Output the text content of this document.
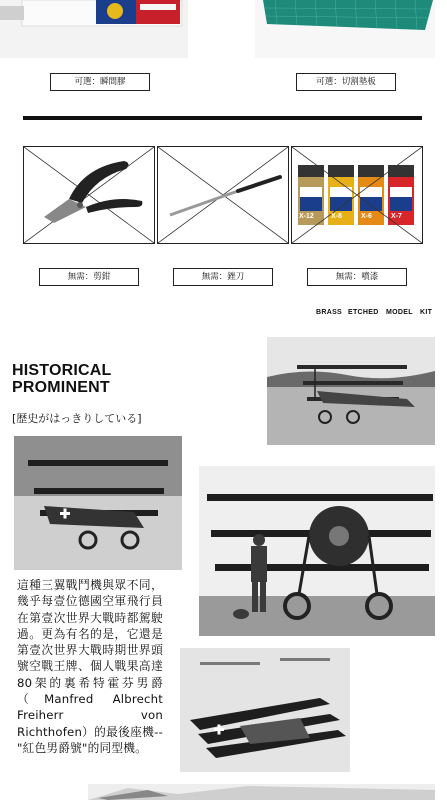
可選：瞬間膠	可選：切割墊板
X-12 X-8	X-6	X-7
無需：剪鉗	無需：銼刀	無需：噴漆
BRASS ETCHED MODEL KIT
HISTORICAL
PROMINENT
[歴史がはっきりしている]
這種三翼戰鬥機與眾不同，幾乎每壹位德國空軍飛行員在第壹次世界大戰時都駕駛過。更為有名的是，它還是第壹次世界大戰時期世界頭號空戰王牌、個人戰果高達80架的裏希特霍芬男爵（Manfred Albrecht Freiherr von Richthofen）的最後座機--"紅色男爵號"的同型機。
